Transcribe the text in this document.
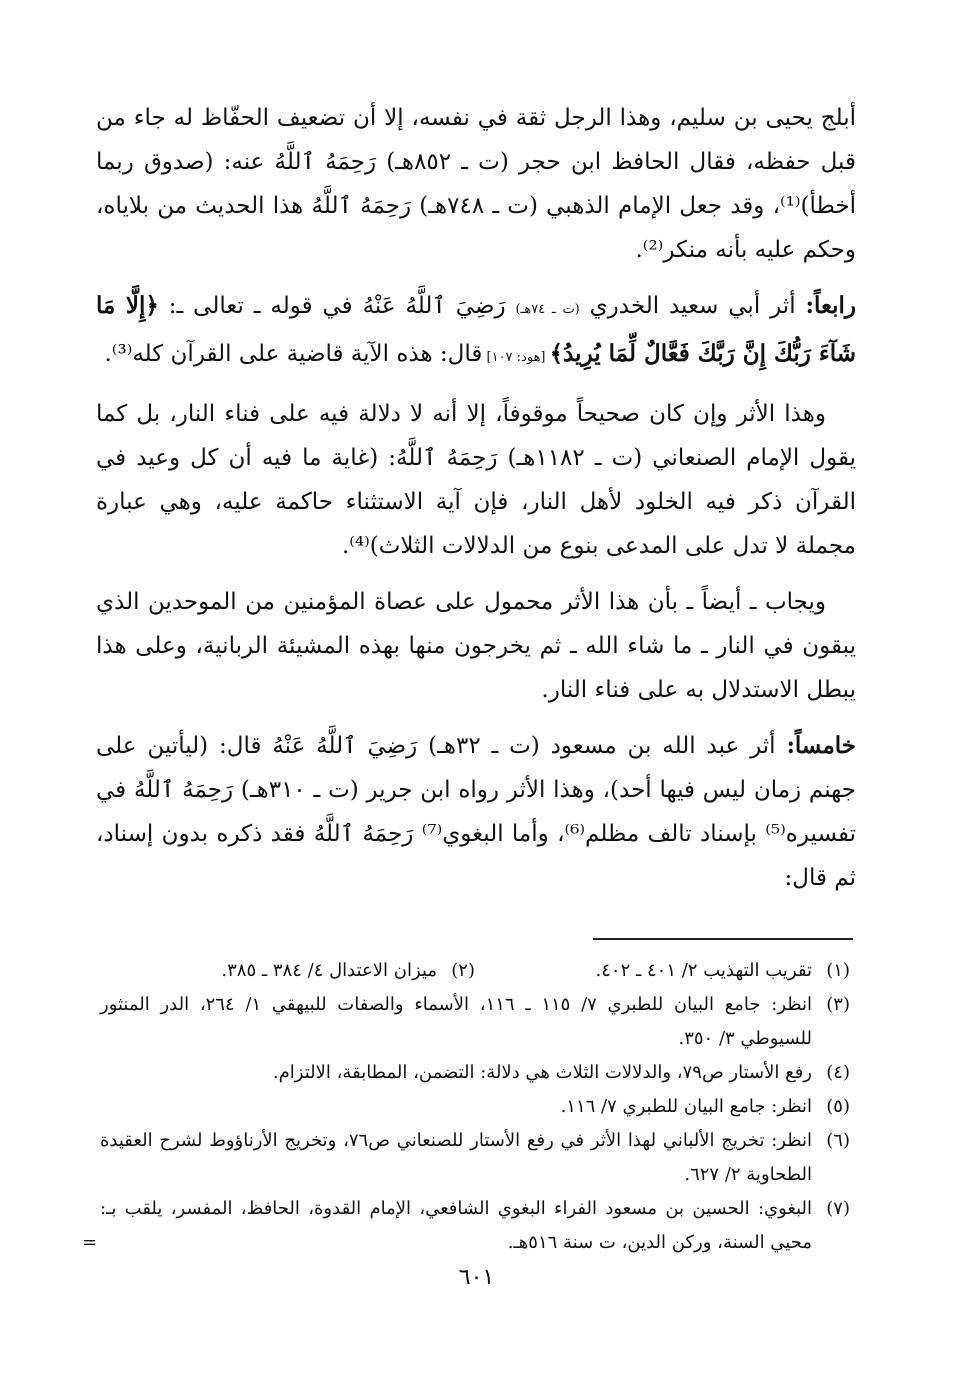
أبلج يحيى بن سليم، وهذا الرجل ثقة في نفسه، إلا أن تضعيف الحفّاظ له جاء من قبل حفظه، فقال الحافظ ابن حجر (ت ـ ٨٥٢هـ) رَحِمَهُ ٱللَّهُ عنه: (صدوق ربما أخطأ)⁽¹⁾، وقد جعل الإمام الذهبي (ت ـ ٧٤٨هـ) رَحِمَهُ ٱللَّهُ هذا الحديث من بلاياه، وحكم عليه بأنه منكر⁽²⁾.

رابعاً: أثر أبي سعيد الخدري (ت ـ ٧٤هـ) رَضِيَ ٱللَّهُ عَنْهُ في قوله ـ تعالى ـ: ﴿إِلَّا مَا شَآءَ رَبُّكَ إِنَّ رَبَّكَ فَعَّالٌ لِّمَا يُرِيدُ﴾ [هود: ١٠٧] قال: هذه الآية قاضية على القرآن كله⁽³⁾.

وهذا الأثر وإن كان صحيحاً موقوفاً، إلا أنه لا دلالة فيه على فناء النار، بل كما يقول الإمام الصنعاني (ت ـ ١١٨٢هـ) رَحِمَهُ ٱللَّهُ: (غاية ما فيه أن كل وعيد في القرآن ذكر فيه الخلود لأهل النار، فإن آية الاستثناء حاكمة عليه، وهي عبارة مجملة لا تدل على المدعى بنوع من الدلالات الثلاث)⁽⁴⁾.

ويجاب ـ أيضاً ـ بأن هذا الأثر محمول على عصاة المؤمنين من الموحدين الذي يبقون في النار ـ ما شاء الله ـ ثم يخرجون منها بهذه المشيئة الربانية، وعلى هذا يبطل الاستدلال به على فناء النار.

خامساً: أثر عبد الله بن مسعود (ت ـ ٣٢هـ) رَضِيَ ٱللَّهُ عَنْهُ قال: (ليأتين على جهنم زمان ليس فيها أحد)، وهذا الأثر رواه ابن جرير (ت ـ ٣١٠هـ) رَحِمَهُ ٱللَّهُ في تفسيره⁽⁵⁾ بإسناد تالف مظلم⁽⁶⁾، وأما البغوي⁽⁷⁾ رَحِمَهُ ٱللَّهُ فقد ذكره بدون إسناد، ثم قال:

(١)
تقريب التهذيب ٢/ ٤٠١ ـ ٤٠٢.
(٢)
ميزان الاعتدال ٤/ ٣٨٤ ـ ٣٨٥.
(٣)
انظر: جامع البيان للطبري ٧/ ١١٥ ـ ١١٦، الأسماء والصفات للبيهقي ١/ ٢٦٤، الدر المنثور للسيوطي ٣/ ٣٥٠.
(٤)
رفع الأستار ص٧٩، والدلالات الثلاث هي دلالة: التضمن، المطابقة، الالتزام.
(٥)
انظر: جامع البيان للطبري ٧/ ١١٦.
(٦)
انظر: تخريج الألباني لهذا الأثر في رفع الأستار للصنعاني ص٧٦، وتخريج الأرناؤوط لشرح العقيدة الطحاوية ٢/ ٦٢٧.
(٧)
البغوي: الحسين بن مسعود الفراء البغوي الشافعي، الإمام القدوة، الحافظ، المفسر، يلقب بـ: محيي السنة، وركن الدين، ت سنة ٥١٦هـ.
=
٦٠١
